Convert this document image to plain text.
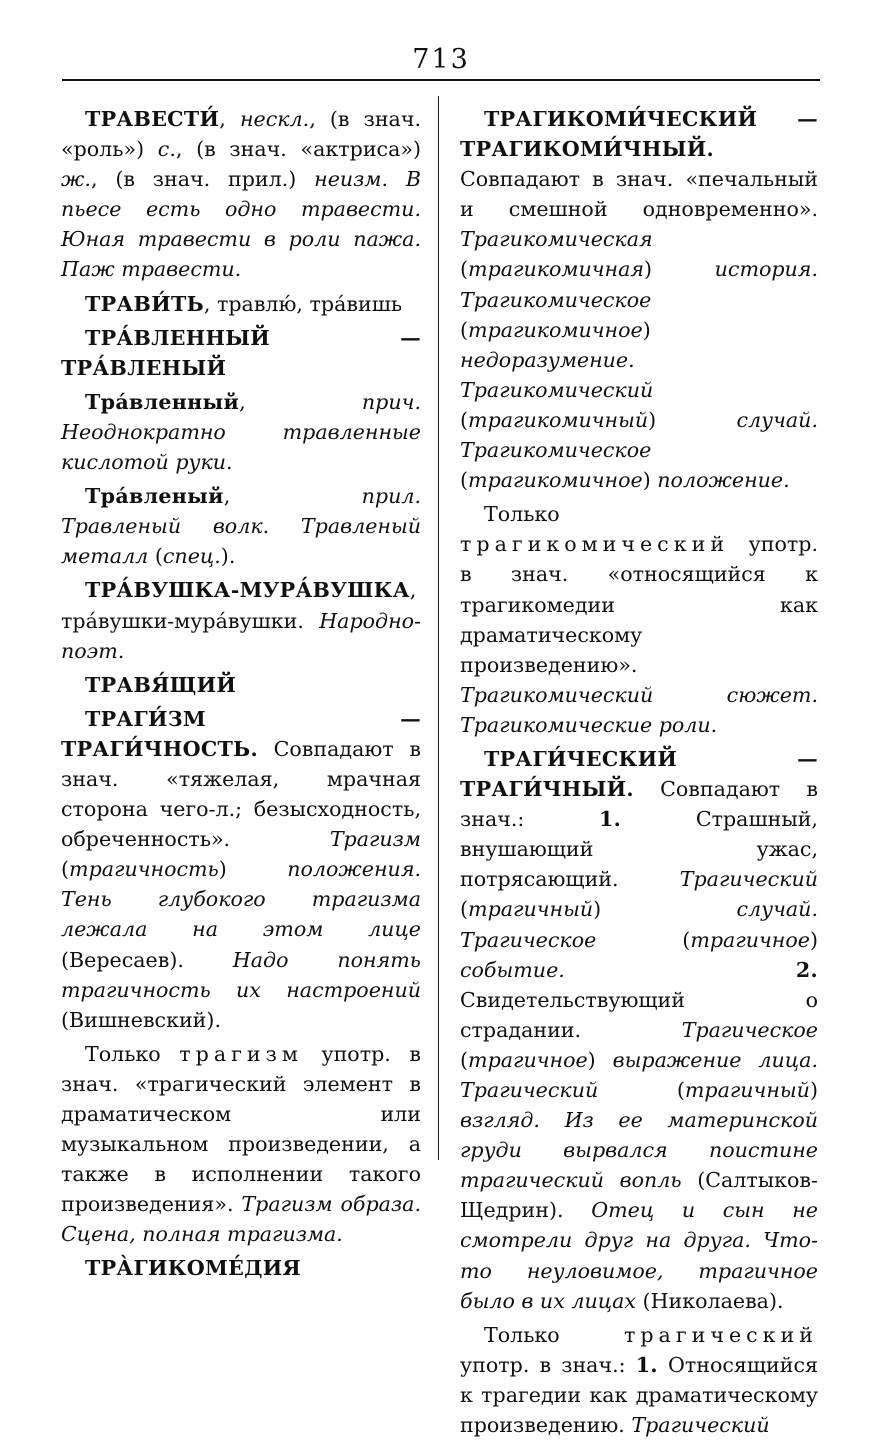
713

ТРАВЕСТИ́, нескл., (в знач. «роль») с., (в знач. «актриса») ж., (в знач. прил.) неизм. В пьесе есть одно травести. Юная травести в роли пажа. Паж травести.

ТРАВИ́ТЬ, травлю́, тра́вишь

ТРА́ВЛЕННЫЙ — ТРА́ВЛЕНЫЙ

Тра́вленный, прич. Неоднократно травленные кислотой руки.

Тра́вленый, прил. Травленый волк. Травленый металл (спец.).

ТРА́ВУШКА-МУРА́ВУШКА, тра́вушки-мура́вушки. Народно-поэт.

ТРАВЯ́ЩИЙ

ТРАГИ́ЗМ — ТРАГИ́ЧНОСТЬ. Совпадают в знач. «тяжелая, мрачная сторона чего-л.; безысходность, обреченность». Трагизм (трагичность) положения. Тень глубокого трагизма лежала на этом лице (Вересаев). Надо понять трагичность их настроений (Вишневский).

Только трагизм употр. в знач. «трагический элемент в драматическом или музыкальном произведении, а также в исполнении такого произведения». Трагизм образа. Сцена, полная трагизма.

ТРА̀ГИКОМЕ́ДИЯ

ТРАГИКОМИ́ЧЕСКИЙ — ТРАГИКОМИ́ЧНЫЙ. Совпадают в знач. «печальный и смешной одновременно». Трагикомическая (трагикомичная) история. Трагикомическое (трагикомичное) недоразумение. Трагикомический (трагикомичный) случай. Трагикомическое (трагикомичное) положение.

Только трагикомический употр. в знач. «относящийся к трагикомедии как драматическому произведению». Трагикомический сюжет. Трагикомические роли.

ТРАГИ́ЧЕСКИЙ — ТРАГИ́ЧНЫЙ. Совпадают в знач.: 1. Страшный, внушающий ужас, потрясающий. Трагический (трагичный) случай. Трагическое (трагичное) событие.	2. Свидетельствующий о страдании. Трагическое (трагичное) выражение лица. Трагический (трагичный) взгляд. Из ее материнской груди вырвался поистине трагический вопль (Салтыков-Щедрин). Отец и сын не смотрели друг на друга. Что-то неуловимое, трагичное было в их лицах (Николаева).

Только трагический употр. в знач.: 1. Относящийся к трагедии как драматическому произведению. Трагический
